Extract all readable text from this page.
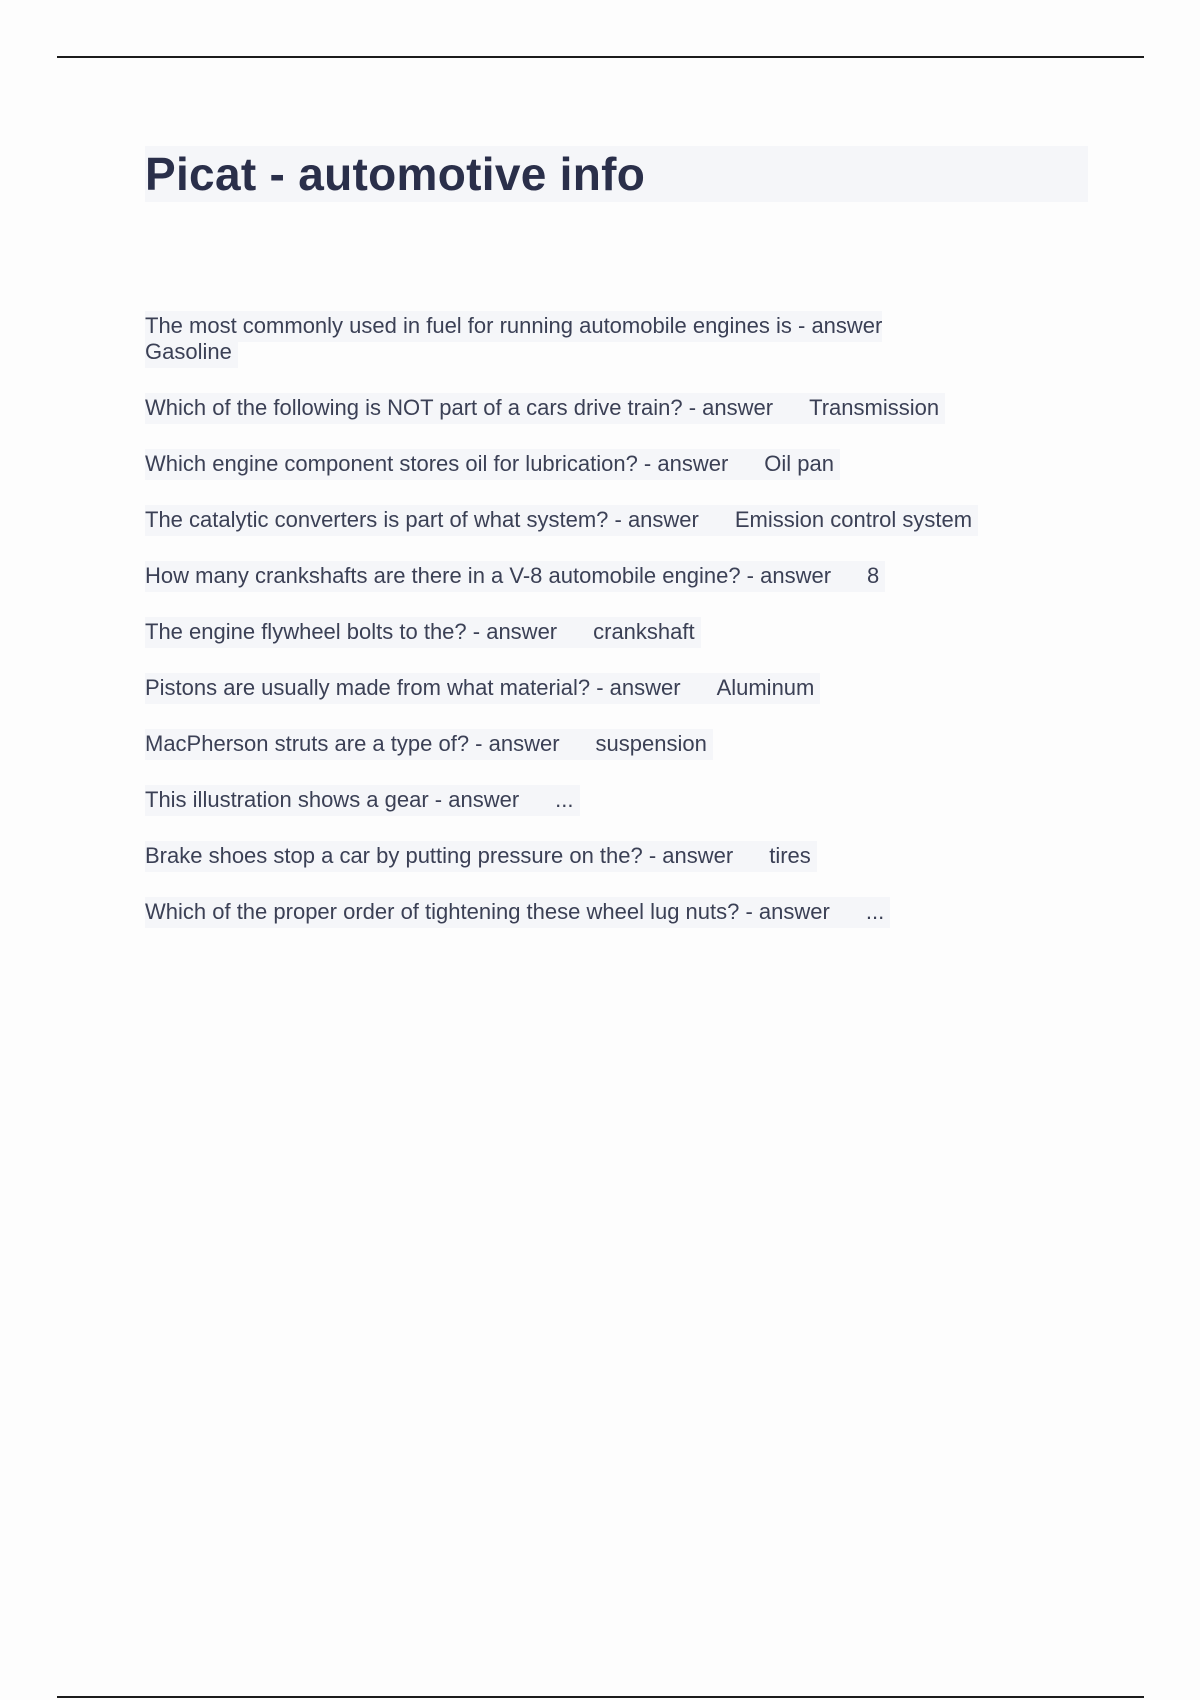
Picat - automotive info
The most commonly used in fuel for running automobile engines is - answer
Gasoline
Which of the following is NOT part of a cars drive train? - answer Transmission
Which engine component stores oil for lubrication? - answer Oil pan
The catalytic converters is part of what system? - answer Emission control system
How many crankshafts are there in a V-8 automobile engine? - answer 8
The engine flywheel bolts to the? - answer crankshaft
Pistons are usually made from what material? - answer Aluminum
MacPherson struts are a type of? - answer suspension
This illustration shows a gear - answer ...
Brake shoes stop a car by putting pressure on the? - answer tires
Which of the proper order of tightening these wheel lug nuts? - answer ...
